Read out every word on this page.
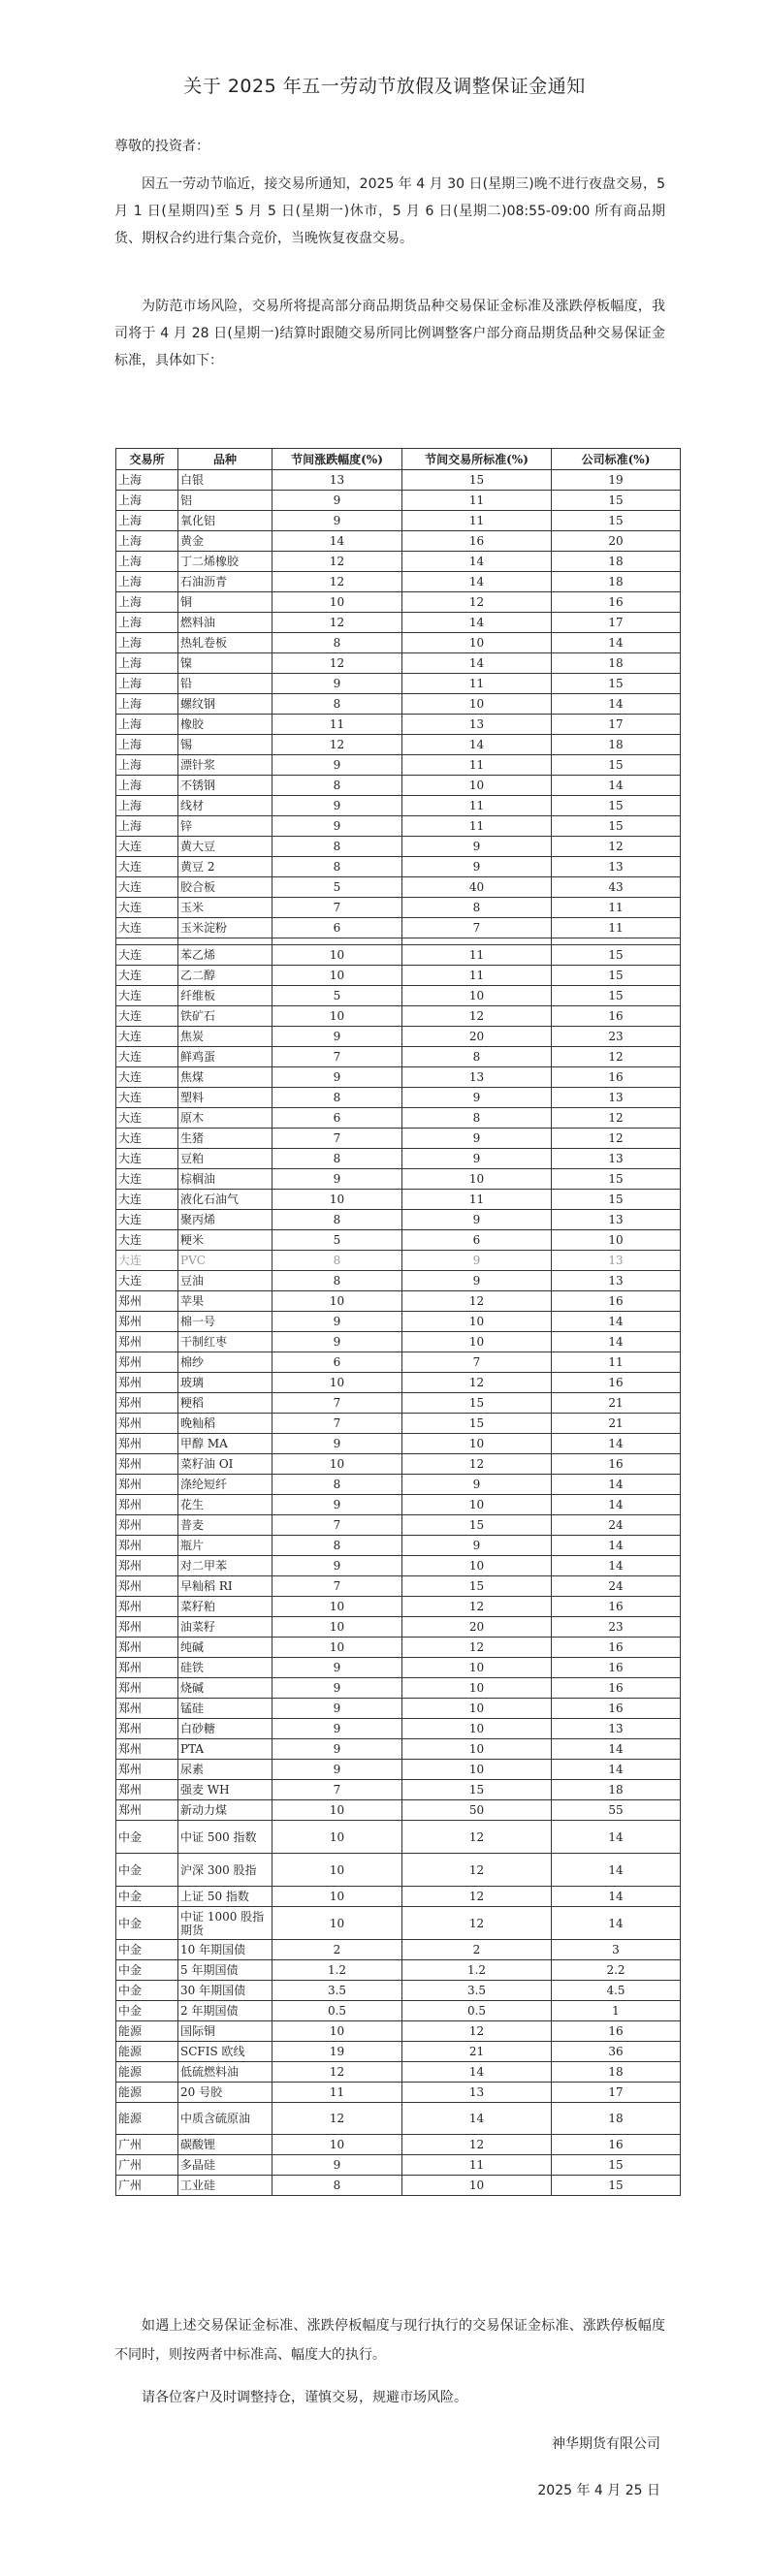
关于 2025 年五一劳动节放假及调整保证金通知
尊敬的投资者：

因五一劳动节临近，接交易所通知，2025 年 4 月 30 日(星期三)晚不进行夜盘交易，5 月 1 日(星期四)至 5 月 5 日(星期一)休市，5 月 6 日(星期二)08:55-09:00 所有商品期货、期权合约进行集合竞价，当晚恢复夜盘交易。

为防范市场风险，交易所将提高部分商品期货品种交易保证金标准及涨跌停板幅度，我司将于 4 月 28 日(星期一)结算时跟随交易所同比例调整客户部分商品期货品种交易保证金标准，具体如下：

交易所	品种	节间涨跌幅度(%)	节间交易所标准(%)	公司标准(%)
上海	白银	13	15	19
上海	铝	9	11	15
上海	氧化铝	9	11	15
上海	黄金	14	16	20
上海	丁二烯橡胶	12	14	18
上海	石油沥青	12	14	18
上海	铜	10	12	16
上海	燃料油	12	14	17
上海	热轧卷板	8	10	14
上海	镍	12	14	18
上海	铅	9	11	15
上海	螺纹钢	8	10	14
上海	橡胶	11	13	17
上海	锡	12	14	18
上海	漂针浆	9	11	15
上海	不锈钢	8	10	14
上海	线材	9	11	15
上海	锌	9	11	15
大连	黄大豆	8	9	12
大连	黄豆 2	8	9	13
大连	胶合板	5	40	43
大连	玉米	7	8	11
大连	玉米淀粉	6	7	11

大连	苯乙烯	10	11	15
大连	乙二醇	10	11	15
大连	纤维板	5	10	15
大连	铁矿石	10	12	16
大连	焦炭	9	20	23
大连	鲜鸡蛋	7	8	12
大连	焦煤	9	13	16
大连	塑料	8	9	13
大连	原木	6	8	12
大连	生猪	7	9	12
大连	豆粕	8	9	13
大连	棕榈油	9	10	15
大连	液化石油气	10	11	15
大连	聚丙烯	8	9	13
大连	粳米	5	6	10
大连	PVC	8	9	13
大连	豆油	8	9	13
郑州	苹果	10	12	16
郑州	棉一号	9	10	14
郑州	干制红枣	9	10	14
郑州	棉纱	6	7	11
郑州	玻璃	10	12	16
郑州	粳稻	7	15	21
郑州	晚籼稻	7	15	21
郑州	甲醇 MA	9	10	14
郑州	菜籽油 OI	10	12	16
郑州	涤纶短纤	8	9	14
郑州	花生	9	10	14
郑州	普麦	7	15	24
郑州	瓶片	8	9	14
郑州	对二甲苯	9	10	14
郑州	早籼稻 RI	7	15	24
郑州	菜籽粕	10	12	16
郑州	油菜籽	10	20	23
郑州	纯碱	10	12	16
郑州	硅铁	9	10	16
郑州	烧碱	9	10	16
郑州	锰硅	9	10	16
郑州	白砂糖	9	10	13
郑州	PTA	9	10	14
郑州	尿素	9	10	14
郑州	强麦 WH	7	15	18
郑州	新动力煤	10	50	55
中金	中证 500 指数	10	12	14
中金	沪深 300 股指	10	12	14
中金	上证 50 指数	10	12	14
中金	中证 1000 股指期货	10	12	14
中金	10 年期国债	2	2	3
中金	5 年期国债	1.2	1.2	2.2
中金	30 年期国债	3.5	3.5	4.5
中金	2 年期国债	0.5	0.5	1
能源	国际铜	10	12	16
能源	SCFIS 欧线	19	21	36
能源	低硫燃料油	12	14	18
能源	20 号胶	11	13	17
能源	中质含硫原油	12	14	18
广州	碳酸锂	10	12	16
广州	多晶硅	9	11	15
广州	工业硅	8	10	15

如遇上述交易保证金标准、涨跌停板幅度与现行执行的交易保证金标准、涨跌停板幅度不同时，则按两者中标准高、幅度大的执行。

请各位客户及时调整持仓，谨慎交易，规避市场风险。

神华期货有限公司
2025 年 4 月 25 日
